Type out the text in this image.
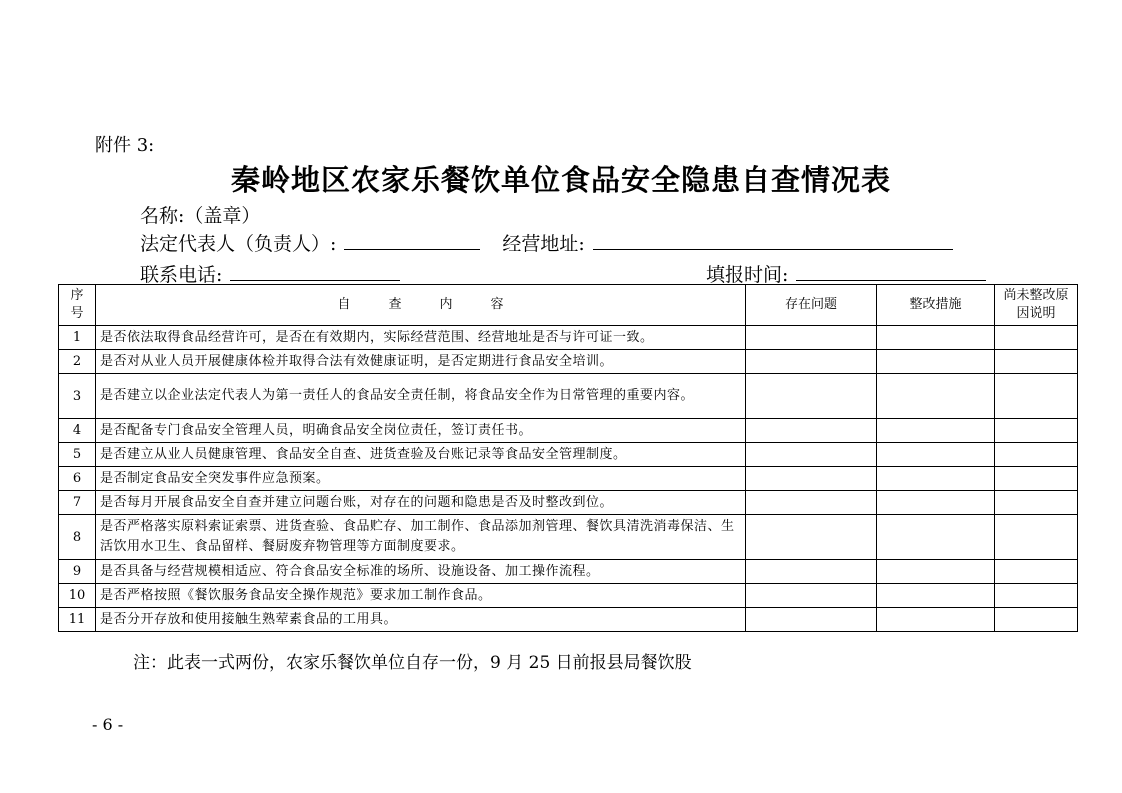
附件 3:
秦岭地区农家乐餐饮单位食品安全隐患自查情况表
名称:（盖章）
法定代表人（负责人）:	经营地址:
联系电话:	填报时间:
序号	自查内容	存在问题	整改措施	尚未整改原因说明

1	是否依法取得食品经营许可，是否在有效期内，实际经营范围、经营地址是否与许可证一致。			
2	是否对从业人员开展健康体检并取得合法有效健康证明，是否定期进行食品安全培训。			
3	是否建立以企业法定代表人为第一责任人的食品安全责任制，将食品安全作为日常管理的重要内容。			
4	是否配备专门食品安全管理人员，明确食品安全岗位责任，签订责任书。			
5	是否建立从业人员健康管理、食品安全自查、进货查验及台账记录等食品安全管理制度。			
6	是否制定食品安全突发事件应急预案。			
7	是否每月开展食品安全自查并建立问题台账，对存在的问题和隐患是否及时整改到位。			
8	是否严格落实原料索证索票、进货查验、食品贮存、加工制作、食品添加剂管理、餐饮具清洗消毒保洁、生活饮用水卫生、食品留样、餐厨废弃物管理等方面制度要求。			
9	是否具备与经营规模相适应、符合食品安全标准的场所、设施设备、加工操作流程。			
10	是否严格按照《餐饮服务食品安全操作规范》要求加工制作食品。			
11	是否分开存放和使用接触生熟荤素食品的工用具。			
注：此表一式两份，农家乐餐饮单位自存一份，9 月 25 日前报县局餐饮股
- 6 -
